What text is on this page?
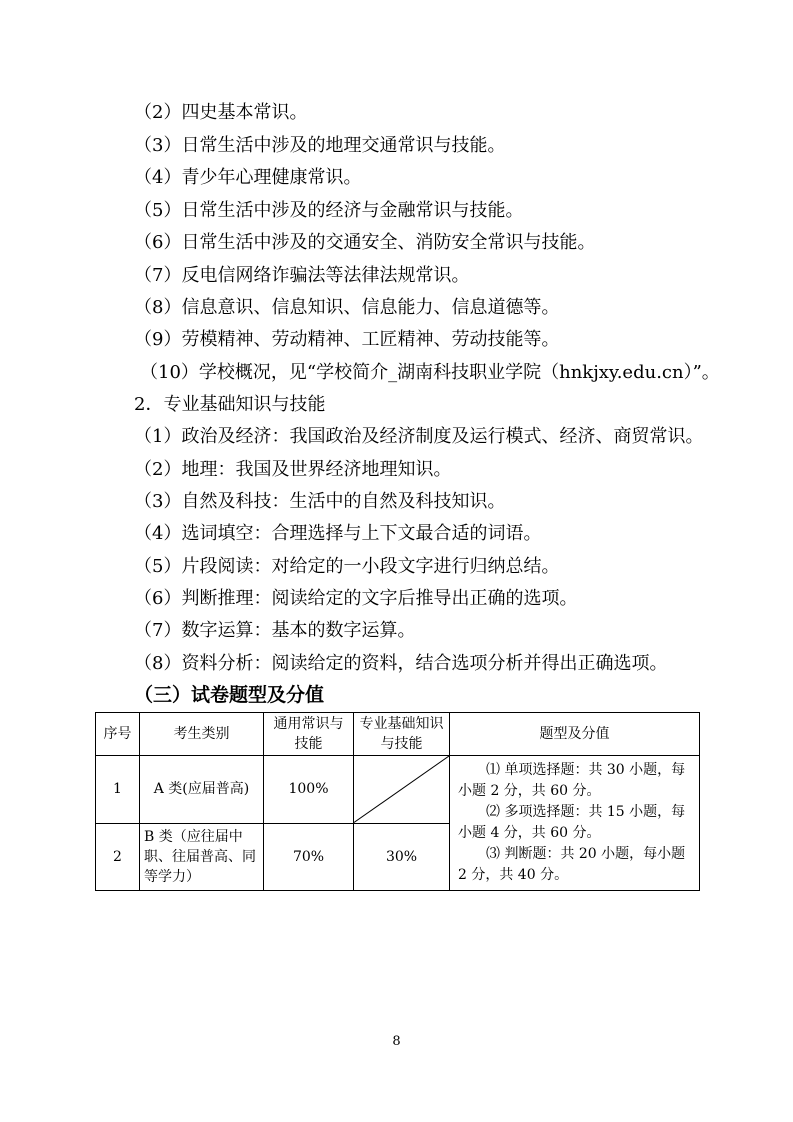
（2）四史基本常识。
（3）日常生活中涉及的地理交通常识与技能。
（4）青少年心理健康常识。
（5）日常生活中涉及的经济与金融常识与技能。
（6）日常生活中涉及的交通安全、消防安全常识与技能。
（7）反电信网络诈骗法等法律法规常识。
（8）信息意识、信息知识、信息能力、信息道德等。
（9）劳模精神、劳动精神、工匠精神、劳动技能等。
（10）学校概况，见“学校简介_湖南科技职业学院（hnkjxy.edu.cn）”。
2．专业基础知识与技能
（1）政治及经济：我国政治及经济制度及运行模式、经济、商贸常识。
（2）地理：我国及世界经济地理知识。
（3）自然及科技：生活中的自然及科技知识。
（4）选词填空：合理选择与上下文最合适的词语。
（5）片段阅读：对给定的一小段文字进行归纳总结。
（6）判断推理：阅读给定的文字后推导出正确的选项。
（7）数字运算：基本的数字运算。
（8）资料分析：阅读给定的资料，结合选项分析并得出正确选项。
（三）试卷题型及分值
序号	考生类别	通用常识与技能	专业基础知识与技能	题型及分值
1	A 类(应届普高)	100%		⑴ 单项选择题：共 30 小题，每小题 2 分，共 60 分。
⑵ 多项选择题：共 15 小题，每小题 4 分，共 60 分。
⑶ 判断题：共 20 小题，每小题 2 分，共 40 分。

2	B 类（应往届中职、往届普高、同等学力）	70%	30%	
8
